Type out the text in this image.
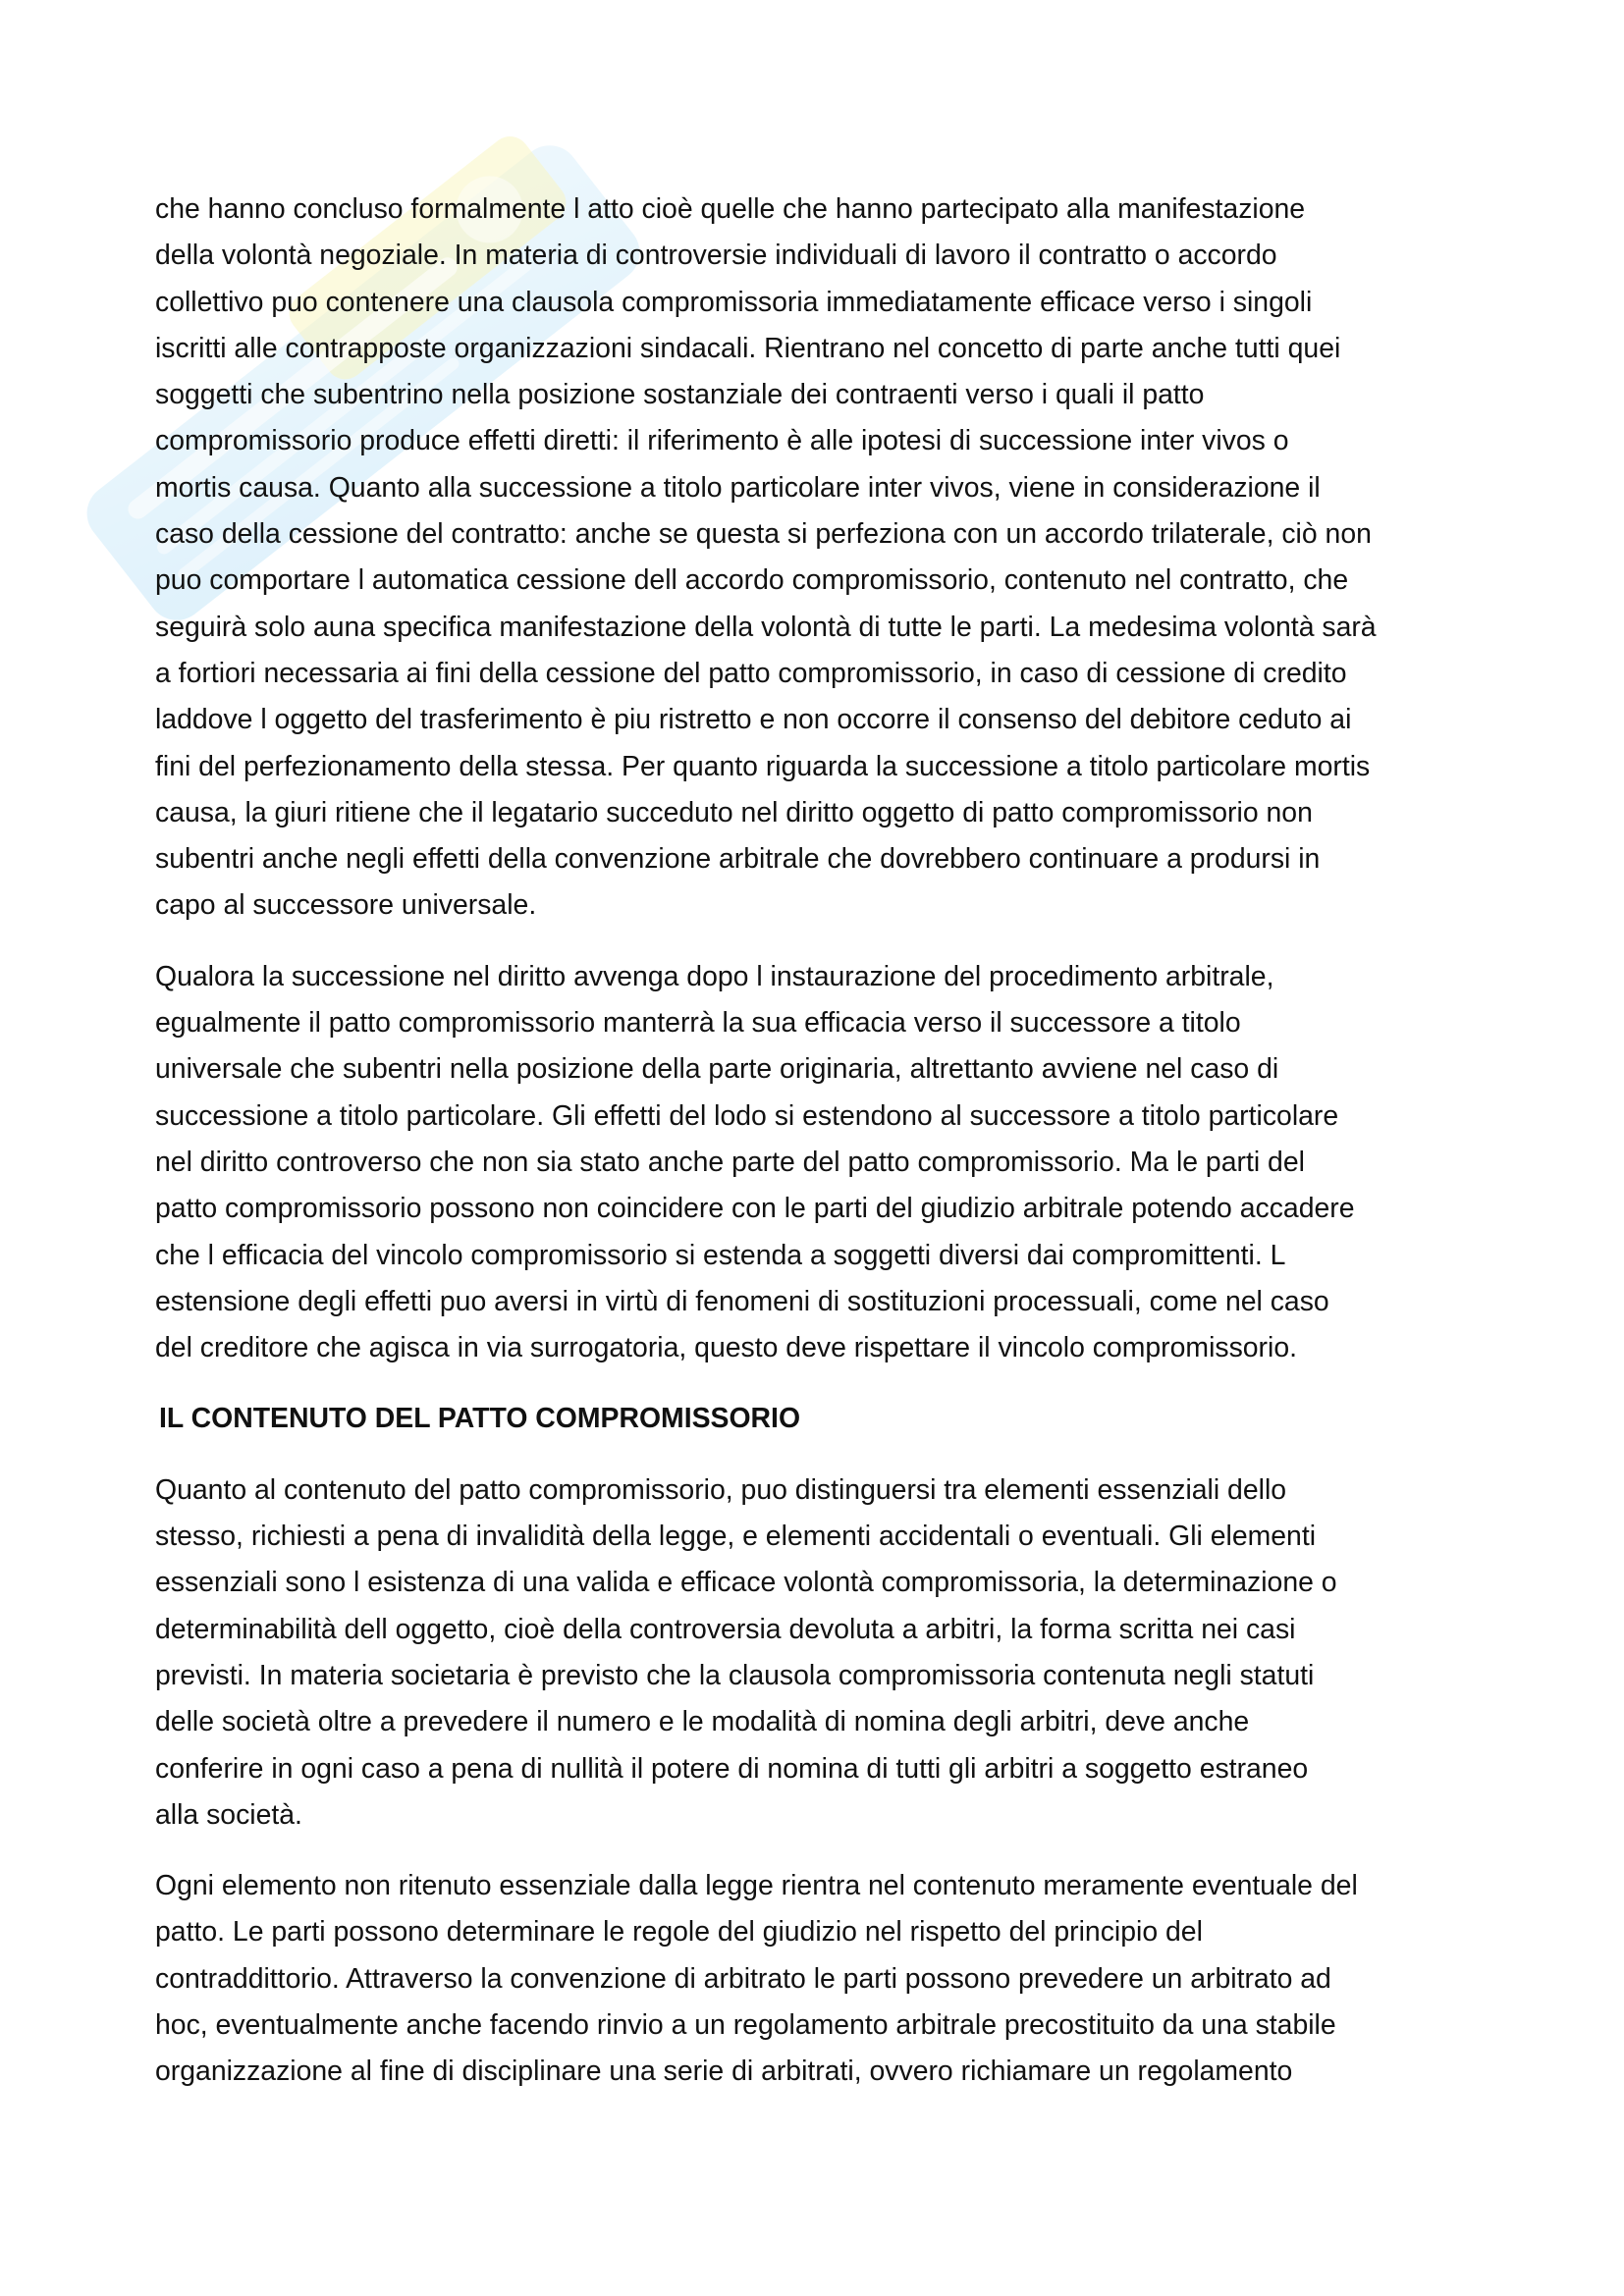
che hanno concluso formalmente l atto cioè quelle che hanno partecipato alla manifestazione
della volontà negoziale. In materia di controversie individuali di lavoro il contratto o accordo
collettivo puo contenere una clausola compromissoria immediatamente efficace verso i singoli
iscritti alle contrapposte organizzazioni sindacali. Rientrano nel concetto di parte anche tutti quei
soggetti che subentrino nella posizione sostanziale dei contraenti verso i quali il patto
compromissorio produce effetti diretti: il riferimento è alle ipotesi di successione inter vivos o
mortis causa. Quanto alla successione a titolo particolare inter vivos, viene in considerazione il
caso della cessione del contratto: anche se questa si perfeziona con un accordo trilaterale, ciò non
puo comportare l automatica cessione dell accordo compromissorio, contenuto nel contratto, che
seguirà solo auna specifica manifestazione della volontà di tutte le parti. La medesima volontà sarà
a fortiori necessaria ai fini della cessione del patto compromissorio, in caso di cessione di credito
laddove l oggetto del trasferimento è piu ristretto e non occorre il consenso del debitore ceduto ai
fini del perfezionamento della stessa. Per quanto riguarda la successione a titolo particolare mortis
causa, la giuri ritiene che il legatario succeduto nel diritto oggetto di patto compromissorio non
subentri anche negli effetti della convenzione arbitrale che dovrebbero continuare a prodursi in
capo al successore universale.

Qualora la successione nel diritto avvenga dopo l instaurazione del procedimento arbitrale,
egualmente il patto compromissorio manterrà la sua efficacia verso il successore a titolo
universale che subentri nella posizione della parte originaria, altrettanto avviene nel caso di
successione a titolo particolare. Gli effetti del lodo si estendono al successore a titolo particolare
nel diritto controverso che non sia stato anche parte del patto compromissorio. Ma le parti del
patto compromissorio possono non coincidere con le parti del giudizio arbitrale potendo accadere
che l efficacia del vincolo compromissorio si estenda a soggetti diversi dai compromittenti. L
estensione degli effetti puo aversi in virtù di fenomeni di sostituzioni processuali, come nel caso
del creditore che agisca in via surrogatoria, questo deve rispettare il vincolo compromissorio.

IL CONTENUTO DEL PATTO COMPROMISSORIO

Quanto al contenuto del patto compromissorio, puo distinguersi tra elementi essenziali dello
stesso, richiesti a pena di invalidità della legge, e elementi accidentali o eventuali. Gli elementi
essenziali sono l esistenza di una valida e efficace volontà compromissoria, la determinazione o
determinabilità dell oggetto, cioè della controversia devoluta a arbitri, la forma scritta nei casi
previsti. In materia societaria è previsto che la clausola compromissoria contenuta negli statuti
delle società oltre a prevedere il numero e le modalità di nomina degli arbitri, deve anche
conferire in ogni caso a pena di nullità il potere di nomina di tutti gli arbitri a soggetto estraneo
alla società.

Ogni elemento non ritenuto essenziale dalla legge rientra nel contenuto meramente eventuale del
patto. Le parti possono determinare le regole del giudizio nel rispetto del principio del
contraddittorio. Attraverso la convenzione di arbitrato le parti possono prevedere un arbitrato ad
hoc, eventualmente anche facendo rinvio a un regolamento arbitrale precostituito da una stabile
organizzazione al fine di disciplinare una serie di arbitrati, ovvero richiamare un regolamento
